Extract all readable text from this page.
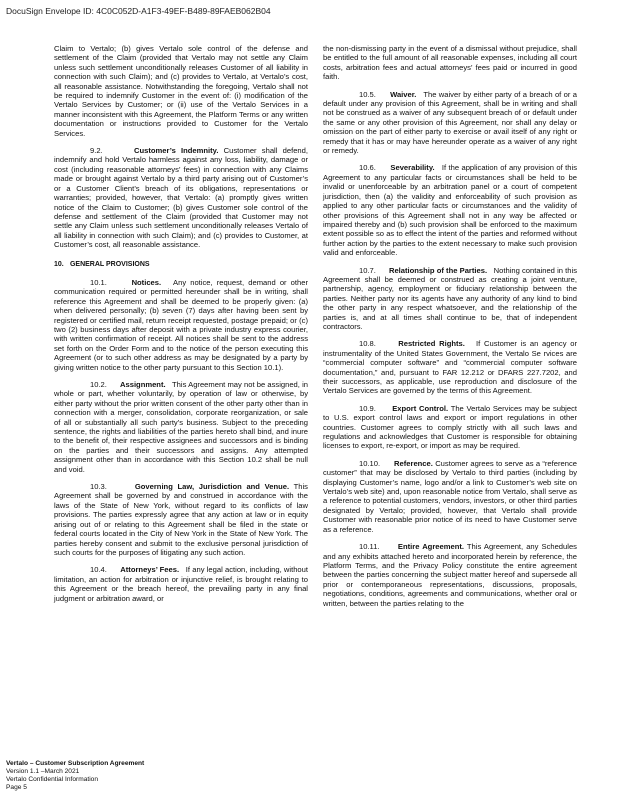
DocuSign Envelope ID: 4C0C052D-A1F3-49EF-B489-89FAEB062B04

Claim to Vertalo; (b) gives Vertalo sole control of the defense and settlement of the Claim (provided that Vertalo may not settle any Claim unless such settlement unconditionally releases Customer of all liability in connection with such Claim); and (c) provides to Vertalo, at Vertalo’s cost, all reasonable assistance. Notwithstanding the foregoing, Vertalo shall not be required to indemnify Customer in the event of: (i) modification of the Vertalo Services by Customer; or (ii) use of the Vertalo Services in a manner inconsistent with this Agreement, the Platform Terms or any written documentation or instructions provided to Customer for the Vertalo Services.

9.2.	Customer’s Indemnity. Customer shall defend, indemnify and hold Vertalo harmless against any loss, liability, damage or cost (including reasonable attorneys’ fees) in connection with any Claims made or brought against Vertalo by a third party arising out of Customer’s or a Customer Client’s breach of its obligations, representations or warranties; provided, however, that Vertalo: (a) promptly gives written notice of the Claim to Customer; (b) gives Customer sole control of the defense and settlement of the Claim (provided that Customer may not settle any Claim unless such settlement unconditionally releases Vertalo of all liability in connection with such Claim); and (c) provides to Customer, at Customer’s cost, all reasonable assistance.

10. GENERAL PROVISIONS

10.1.	Notices. Any notice, request, demand or other communication required or permitted hereunder shall be in writing, shall reference this Agreement and shall be deemed to be properly given: (a) when delivered personally; (b) seven (7) days after having been sent by registered or certified mail, return receipt requested, postage prepaid; or (c) two (2) business days after deposit with a private industry express courier, with written confirmation of receipt. All notices shall be sent to the address set forth on the Order Form and to the notice of the person executing this Agreement (or to such other address as may be designated by a party by giving written notice to the other party pursuant to this Section 10.1).

10.2. Assignment. This Agreement may not be assigned, in whole or part, whether voluntarily, by operation of law or otherwise, by either party without the prior written consent of the other party other than in connection with a merger, consolidation, corporate reorganization, or sale of all or substantially all such party’s business. Subject to the preceding sentence, the rights and liabilities of the parties hereto shall bind, and inure to the benefit of, their respective assignees and successors and is binding on the parties and their successors and assigns. Any attempted assignment other than in accordance with this Section 10.2 shall be null and void.

10.3.	Governing Law, Jurisdiction and Venue. This Agreement shall be governed by and construed in accordance with the laws of the State of New York, without regard to its conflicts of law provisions. The parties expressly agree that any action at law or in equity arising out of or relating to this Agreement shall be filed in the state or federal courts located in the City of New York in the State of New York. The parties hereby consent and submit to the exclusive personal jurisdiction of such courts for the purposes of litigating any such action.

10.4. Attorneys’ Fees. If any legal action, including, without limitation, an action for arbitration or injunctive relief, is brought relating to this Agreement or the breach hereof, the prevailing party in any final judgment or arbitration award, or

the non-dismissing party in the event of a dismissal without prejudice, shall be entitled to the full amount of all reasonable expenses, including all court costs, arbitration fees and actual attorneys’ fees paid or incurred in good faith.

10.5. Waiver. The waiver by either party of a breach of or a default under any provision of this Agreement, shall be in writing and shall not be construed as a waiver of any subsequent breach of or default under the same or any other provision of this Agreement, nor shall any delay or omission on the part of either party to exercise or avail itself of any right or remedy that it has or may have hereunder operate as a waiver of any right or remedy.

10.6. Severability. If the application of any provision of this Agreement to any particular facts or circumstances shall be held to be invalid or unenforceable by an arbitration panel or a court of competent jurisdiction, then (a) the validity and enforceability of such provision as applied to any other particular facts or circumstances and the validity of other provisions of this Agreement shall not in any way be affected or impaired thereby and (b) such provision shall be enforced to the maximum extent possible so as to effect the intent of the parties and reformed without further action by the parties to the extent necessary to make such provision valid and enforceable.

10.7. Relationship of the Parties. Nothing contained in this Agreement shall be deemed or construed as creating a joint venture, partnership, agency, employment or fiduciary relationship between the parties. Neither party nor its agents have any authority of any kind to bind the other party in any respect whatsoever, and the relationship of the parties is, and at all times shall continue to be, that of independent contractors.

10.8.	Restricted Rights. If Customer is an agency or instrumentality of the United States Government, the Vertalo Se rvices are “commercial computer software” and “commercial computer software documentation,” and, pursuant to FAR 12.212 or DFARS 227.7202, and their successors, as applicable, use reproduction and disclosure of the Vertalo Services are governed by the terms of this Agreement.

10.9. Export Control. The Vertalo Services may be subject to U.S. export control laws and export or import regulations in other countries. Customer agrees to comply strictly with all such laws and regulations and acknowledges that Customer is responsible for obtaining licenses to export, re-export, or import as may be required.

10.10. Reference. Customer agrees to serve as a “reference customer” that may be disclosed by Vertalo to third parties (including by displaying Customer’s name, logo and/or a link to Customer’s web site on Vertalo’s web site) and, upon reasonable notice from Vertalo, shall serve as a reference to potential customers, vendors, investors, or other third parties designated by Vertalo; provided, however, that Vertalo shall provide Customer with reasonable prior notice of its need to have Customer serve as a reference.

10.11. Entire Agreement. This Agreement, any Schedules and any exhibits attached hereto and incorporated herein by reference, the Platform Terms, and the Privacy Policy constitute the entire agreement between the parties concerning the subject matter hereof and supersede all prior or contemporaneous representations, discussions, proposals, negotiations, conditions, agreements and communications, whether oral or written, between the parties relating to the

Vertalo – Customer Subscription Agreement
Version 1.1 –March 2021
Vertalo Confidential Information
Page 5
